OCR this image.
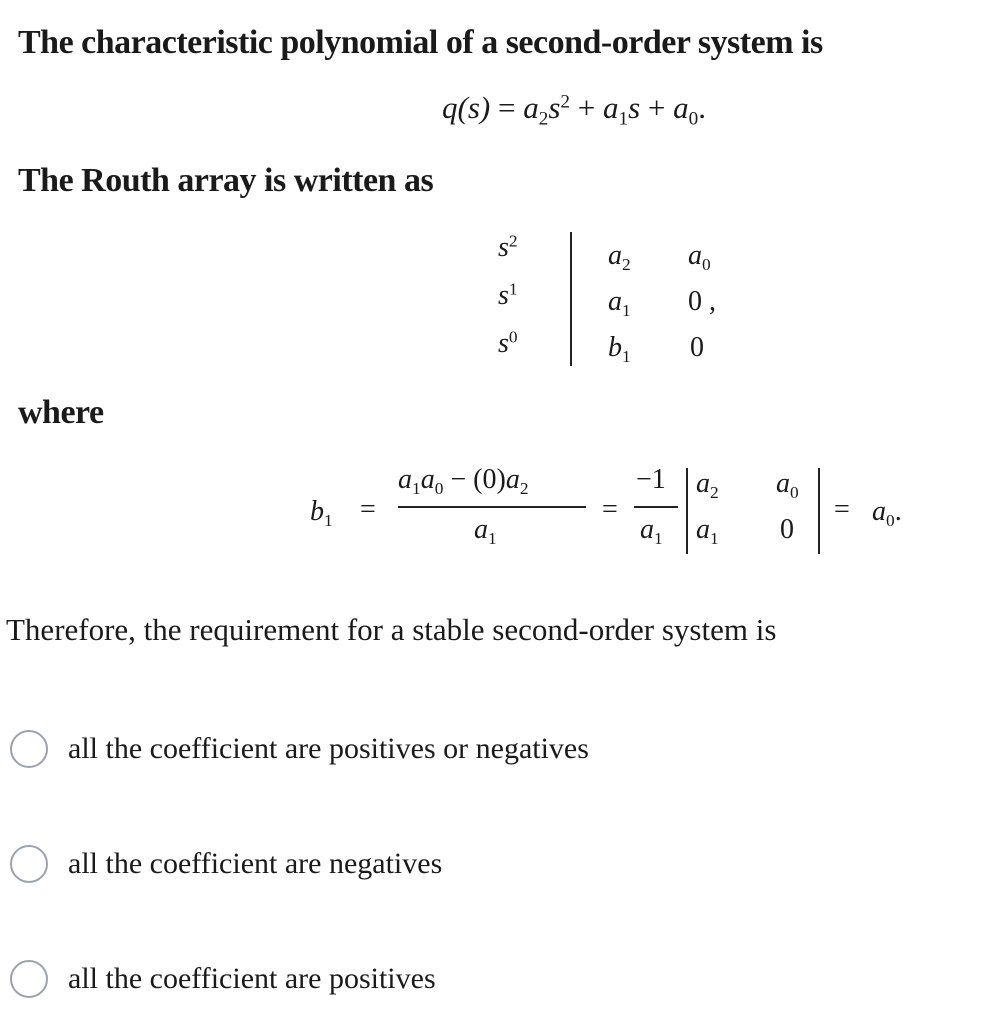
The characteristic polynomial of a second-order system is
$q(s) = a_2s^2 + a_1s + a_0$.
The Routh array is written as
$s^2$
$s^1$
$s^0$
$a_2$
$a_1$
$b_1$
$a_0$
0 ,
0
where
$b_1$ =
$a_1a_0 - (0)a_2$
$a_1$
=
−1
$a_1$
$a_2$ $a_0$
$a_1$ 0
= $a_0$.
Therefore, the requirement for a stable second-order system is
all the coefficient are positives or negatives
all the coefficient are negatives
all the coefficient are positives
